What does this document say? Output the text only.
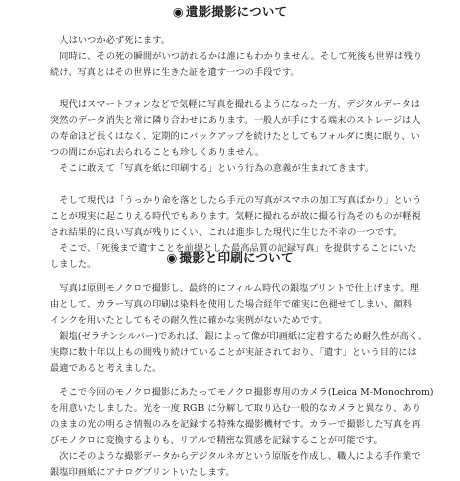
◉ 遺影撮影について
　人はいつか必ず死にます。
　同時に、その死の瞬間がいつ訪れるかは誰にもわかりません。そして死後も世界は残り
続け、写真とはその世界に生きた証を遺す一つの手段です。
　現代はスマートフォンなどで気軽に写真を撮れるようになった一方、デジタルデータは
突然のデータ消失と常に隣り合わせにあります。一般人が手にする端末のストレージは人
の寿命ほど長くはなく、定期的にバックアップを続けたとしてもフォルダに奥に眠り、い
つの間にか忘れ去られることも珍しくありません。
　そこに敢えて「写真を紙に印刷する」という行為の意義が生まれてきます。
　そして現代は「うっかり命を落としたら手元の写真がスマホの加工写真ばかり」という
ことが現実に起こりえる時代でもあります。気軽に撮れるが故に撮る行為そのものが軽視
され結果的に良い写真が残りにくい、これは進歩した現代に生じた不幸の一つです。
　そこで、「死後まで遺すことを前提とした最高品質の記録写真」を提供することにいた
しました。	◉ 撮影と印刷について
　写真は原則モノクロで撮影し、最終的にフィルム時代の銀塩プリントで仕上げます。理
由として、カラー写真の印刷は染料を使用した場合経年で確実に色褪せてしまい、顔料
インクを用いたとしてもその耐久性に確かな実例がないためです。
　銀塩(ゼラチンシルバー)であれば、銀によって像が印画紙に定着するため耐久性が高く、
実際に数十年以上もの間残り続けていることが実証されており、「遺す」という目的には
最適であると考えました。
　そこで今回のモノクロ撮影にあたってモノクロ撮影専用のカメラ(Leica M-Monochrom)
を用意いたしました。光を一度 RGB に分解して取り込む一般的なカメラと異なり、あり
のままの光の明るさ情報のみを記録する特殊な撮影機材です。カラーで撮影した写真を再
びモノクロに変換するよりも、リアルで精密な質感を記録することが可能です。
　次にそのような撮影データからデジタルネガという原版を作成し、職人による手作業で
銀塩印画紙にアナログプリントいたします。
